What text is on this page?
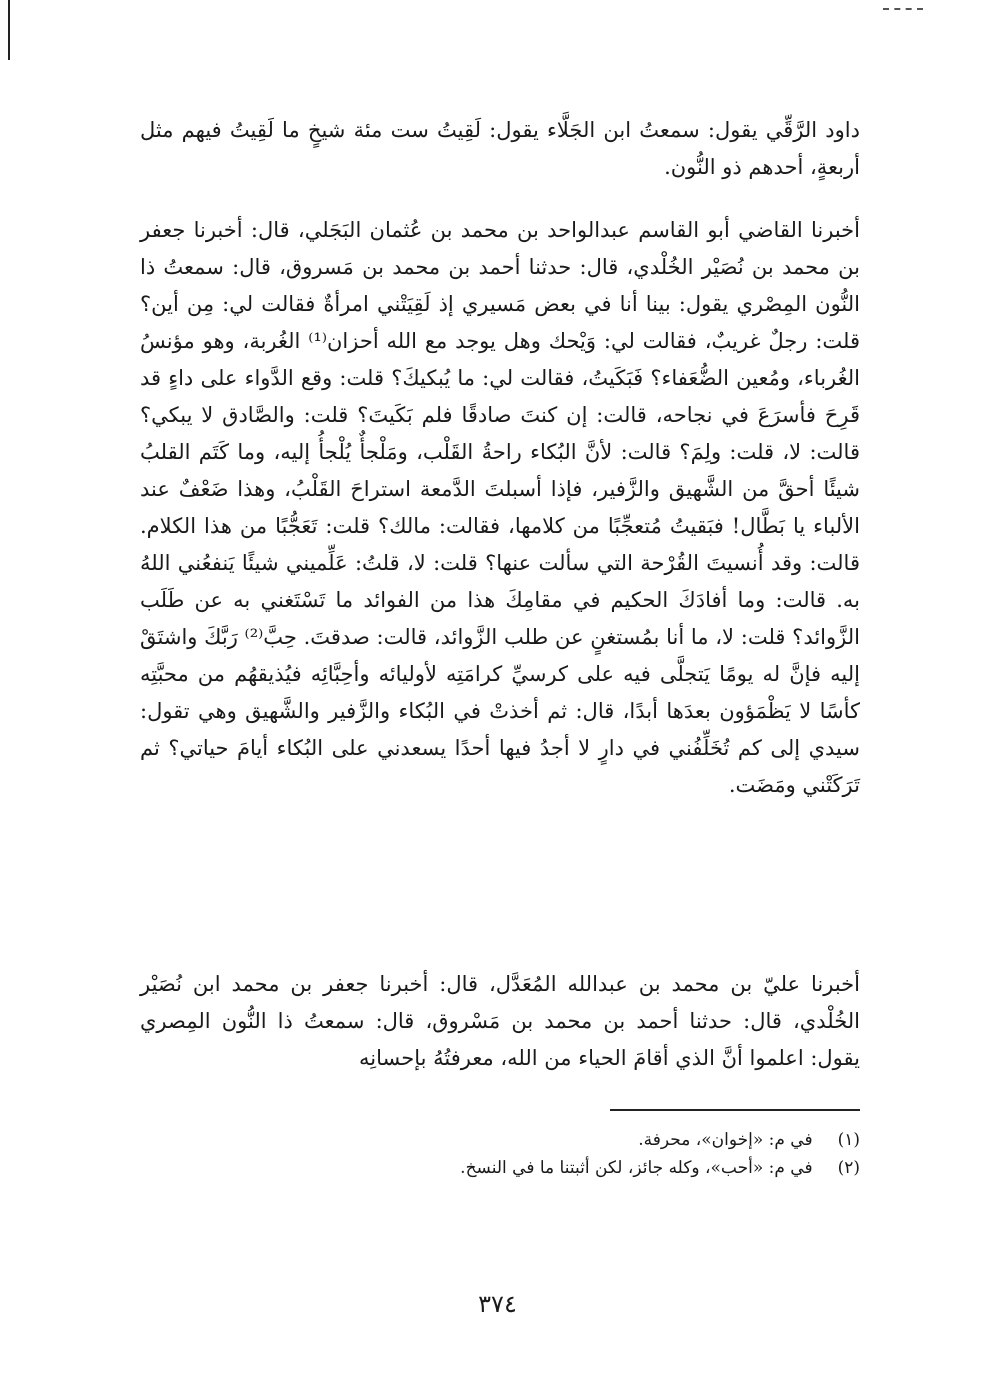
داود الرَّقِّي يقول: سمعتُ ابن الجَلَّاء يقول: لَقِيتُ ست مئة شيخٍ ما لَقِيتُ فيهم مثل أربعةٍ، أحدهم ذو النُّون.

أخبرنا القاضي أبو القاسم عبدالواحد بن محمد بن عُثمان البَجَلي، قال: أخبرنا جعفر بن محمد بن نُصَيْر الخُلْدي، قال: حدثنا أحمد بن محمد بن مَسروق، قال: سمعتُ ذا النُّون المِصْري يقول: بينا أنا في بعض مَسيري إذ لَقِيَتْني امرأةٌ فقالت لي: مِن أين؟ قلت: رجلٌ غريبٌ، فقالت لي: وَيْحك وهل يوجد مع الله أحزان⁽¹⁾ الغُربة، وهو مؤنسُ الغُرباء، ومُعين الضُّعَفاء؟ فَبَكَيتُ، فقالت لي: ما يُبكيكَ؟ قلت: وقع الدَّواء على داءٍ قد قَرِحَ فأسرَعَ في نجاحه، قالت: إن كنتَ صادقًا فلم بَكَيتَ؟ قلت: والصَّادق لا يبكي؟ قالت: لا، قلت: ولِمَ؟ قالت: لأنَّ البُكاء راحةُ القَلْب، ومَلْجأٌ يُلْجأُ إليه، وما كَتَم القلبُ شيئًا أحقَّ من الشَّهيق والزَّفير، فإذا أسبلتَ الدَّمعة استراحَ القَلْبُ، وهذا ضَعْفٌ عند الألباء يا بَطَّال! فبَقيتُ مُتعجِّبًا من كلامها، فقالت: مالك؟ قلت: تَعَجُّبًا من هذا الكلام. قالت: وقد أُنسيتَ القُرْحة التي سألت عنها؟ قلت: لا، قلتُ: عَلِّميني شيئًا يَنفعُني اللهُ به. قالت: وما أفادَكَ الحكيم في مقامِكَ هذا من الفوائد ما تَسْتَغني به عن طَلَب الزَّوائد؟ قلت: لا، ما أنا بمُستغنٍ عن طلب الزَّوائد، قالت: صدقتَ. حِبَّ⁽²⁾ رَبَّكَ واشتَقْ إليه فإنَّ له يومًا يَتجلَّى فيه على كرسيِّ كرامَتِه لأوليائه وأحِبَّائِه فيُذيقهُم من محبَّتِه كأسًا لا يَظْمَؤون بعدَها أبدًا، قال: ثم أخذتْ في البُكاء والزَّفير والشَّهيق وهي تقول: سيدي إلى كم تُخَلِّفُني في دارٍ لا أجدُ فيها أحدًا يسعدني على البُكاء أيامَ حياتي؟ ثم تَرَكَتْني ومَضَت.

أخبرنا عليّ بن محمد بن عبدالله المُعَدَّل، قال: أخبرنا جعفر بن محمد ابن نُصَيْر الخُلْدي، قال: حدثنا أحمد بن محمد بن مَسْروق، قال: سمعتُ ذا النُّون المِصري يقول: اعلموا أنَّ الذي أقامَ الحياء من الله، معرفتُهُ بإحسانِه

(١) في م: «إخوان»، محرفة.
(٢) في م: «أحب»، وكله جائز، لكن أثبتنا ما في النسخ.
٣٧٤
